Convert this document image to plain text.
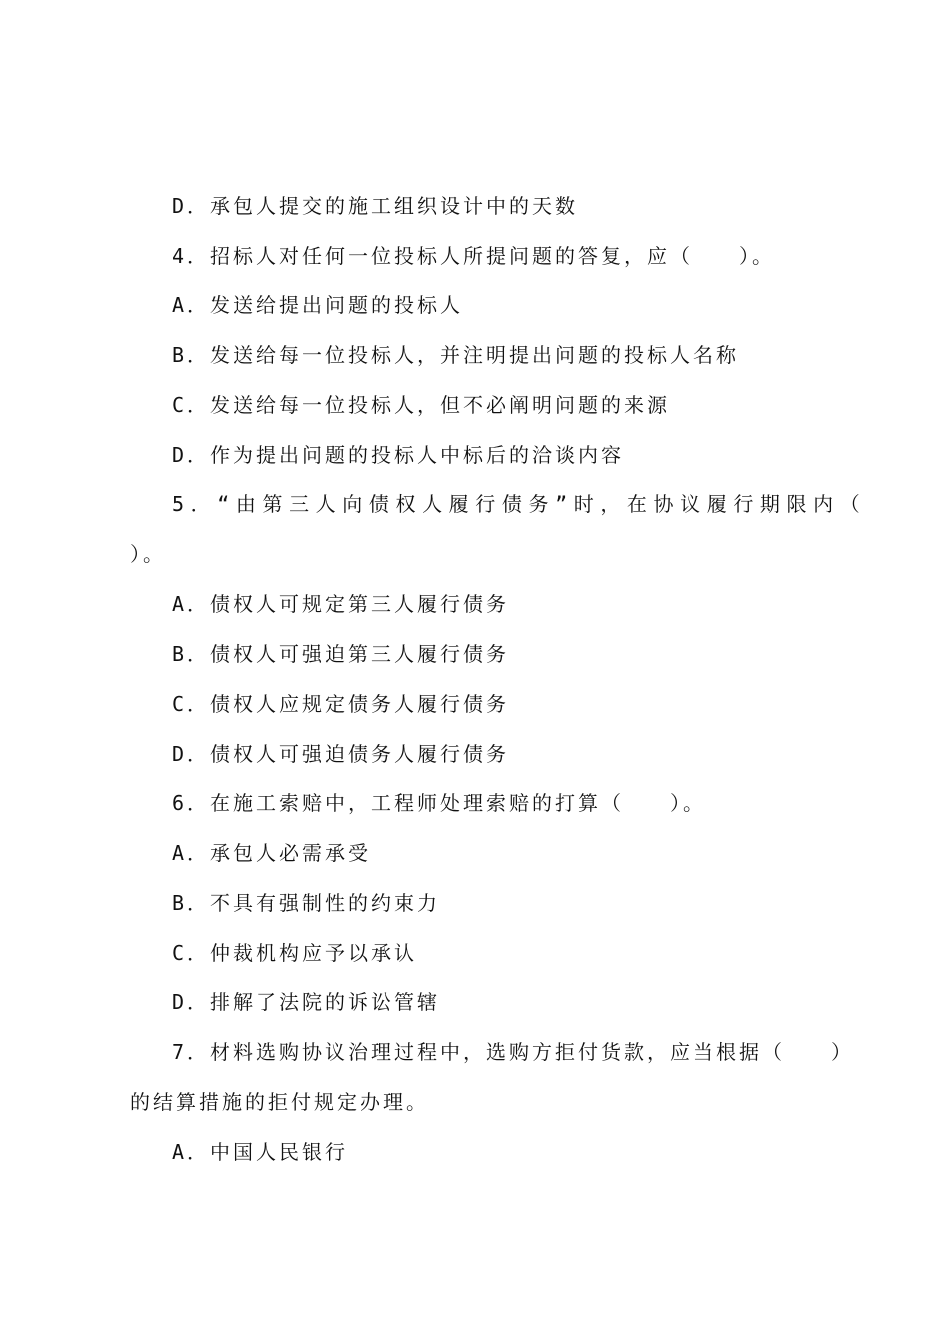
D．承包人提交的施工组织设计中的天数
4．招标人对任何一位投标人所提问题的答复，应（　　）。
A．发送给提出问题的投标人
B．发送给每一位投标人，并注明提出问题的投标人名称
C．发送给每一位投标人，但不必阐明问题的来源
D．作为提出问题的投标人中标后的洽谈内容
5．“由第三人向债权人履行债务”时，在协议履行期限内（
）。
A．债权人可规定第三人履行债务
B．债权人可强迫第三人履行债务
C．债权人应规定债务人履行债务
D．债权人可强迫债务人履行债务
6．在施工索赔中，工程师处理索赔的打算（　　）。
A．承包人必需承受
B．不具有强制性的约束力
C．仲裁机构应予以承认
D．排解了法院的诉讼管辖
7．材料选购协议治理过程中，选购方拒付货款，应当根据（　　）
的结算措施的拒付规定办理。
A．中国人民银行
